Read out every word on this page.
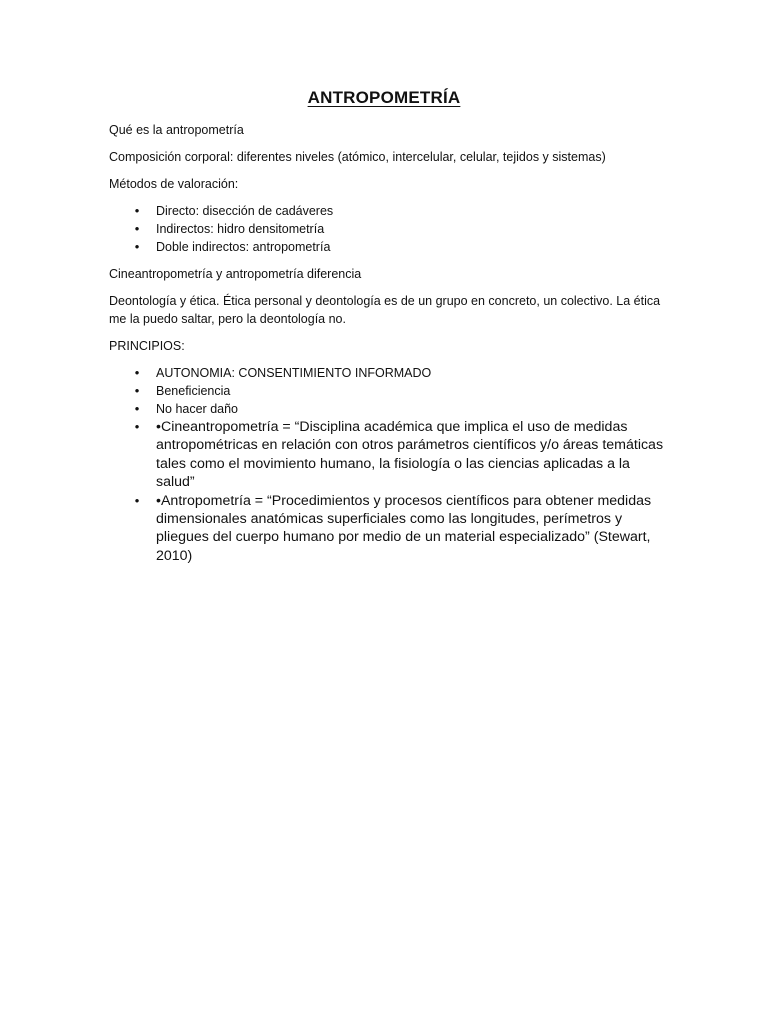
ANTROPOMETRÍA

Qué es la antropometría

Composición corporal: diferentes niveles (atómico, intercelular, celular, tejidos y sistemas)

Métodos de valoración:

• Directo: disección de cadáveres
• Indirectos: hidro densitometría
• Doble indirectos: antropometría

Cineantropometría y antropometría diferencia

Deontología y ética. Ética personal y deontología es de un grupo en concreto, un colectivo. La ética me la puedo saltar, pero la deontología no.

PRINCIPIOS:

• AUTONOMIA: CONSENTIMIENTO INFORMADO
• Beneficiencia
• No hacer daño
• •Cineantropometría = “Disciplina académica que implica el uso de medidas antropométricas en relación con otros parámetros científicos y/o áreas temáticas tales como el movimiento humano, la fisiología o las ciencias aplicadas a la salud”
• •Antropometría = “Procedimientos y procesos científicos para obtener medidas dimensionales anatómicas superficiales como las longitudes, perímetros y pliegues del cuerpo humano por medio de un material especializado” (Stewart, 2010)
